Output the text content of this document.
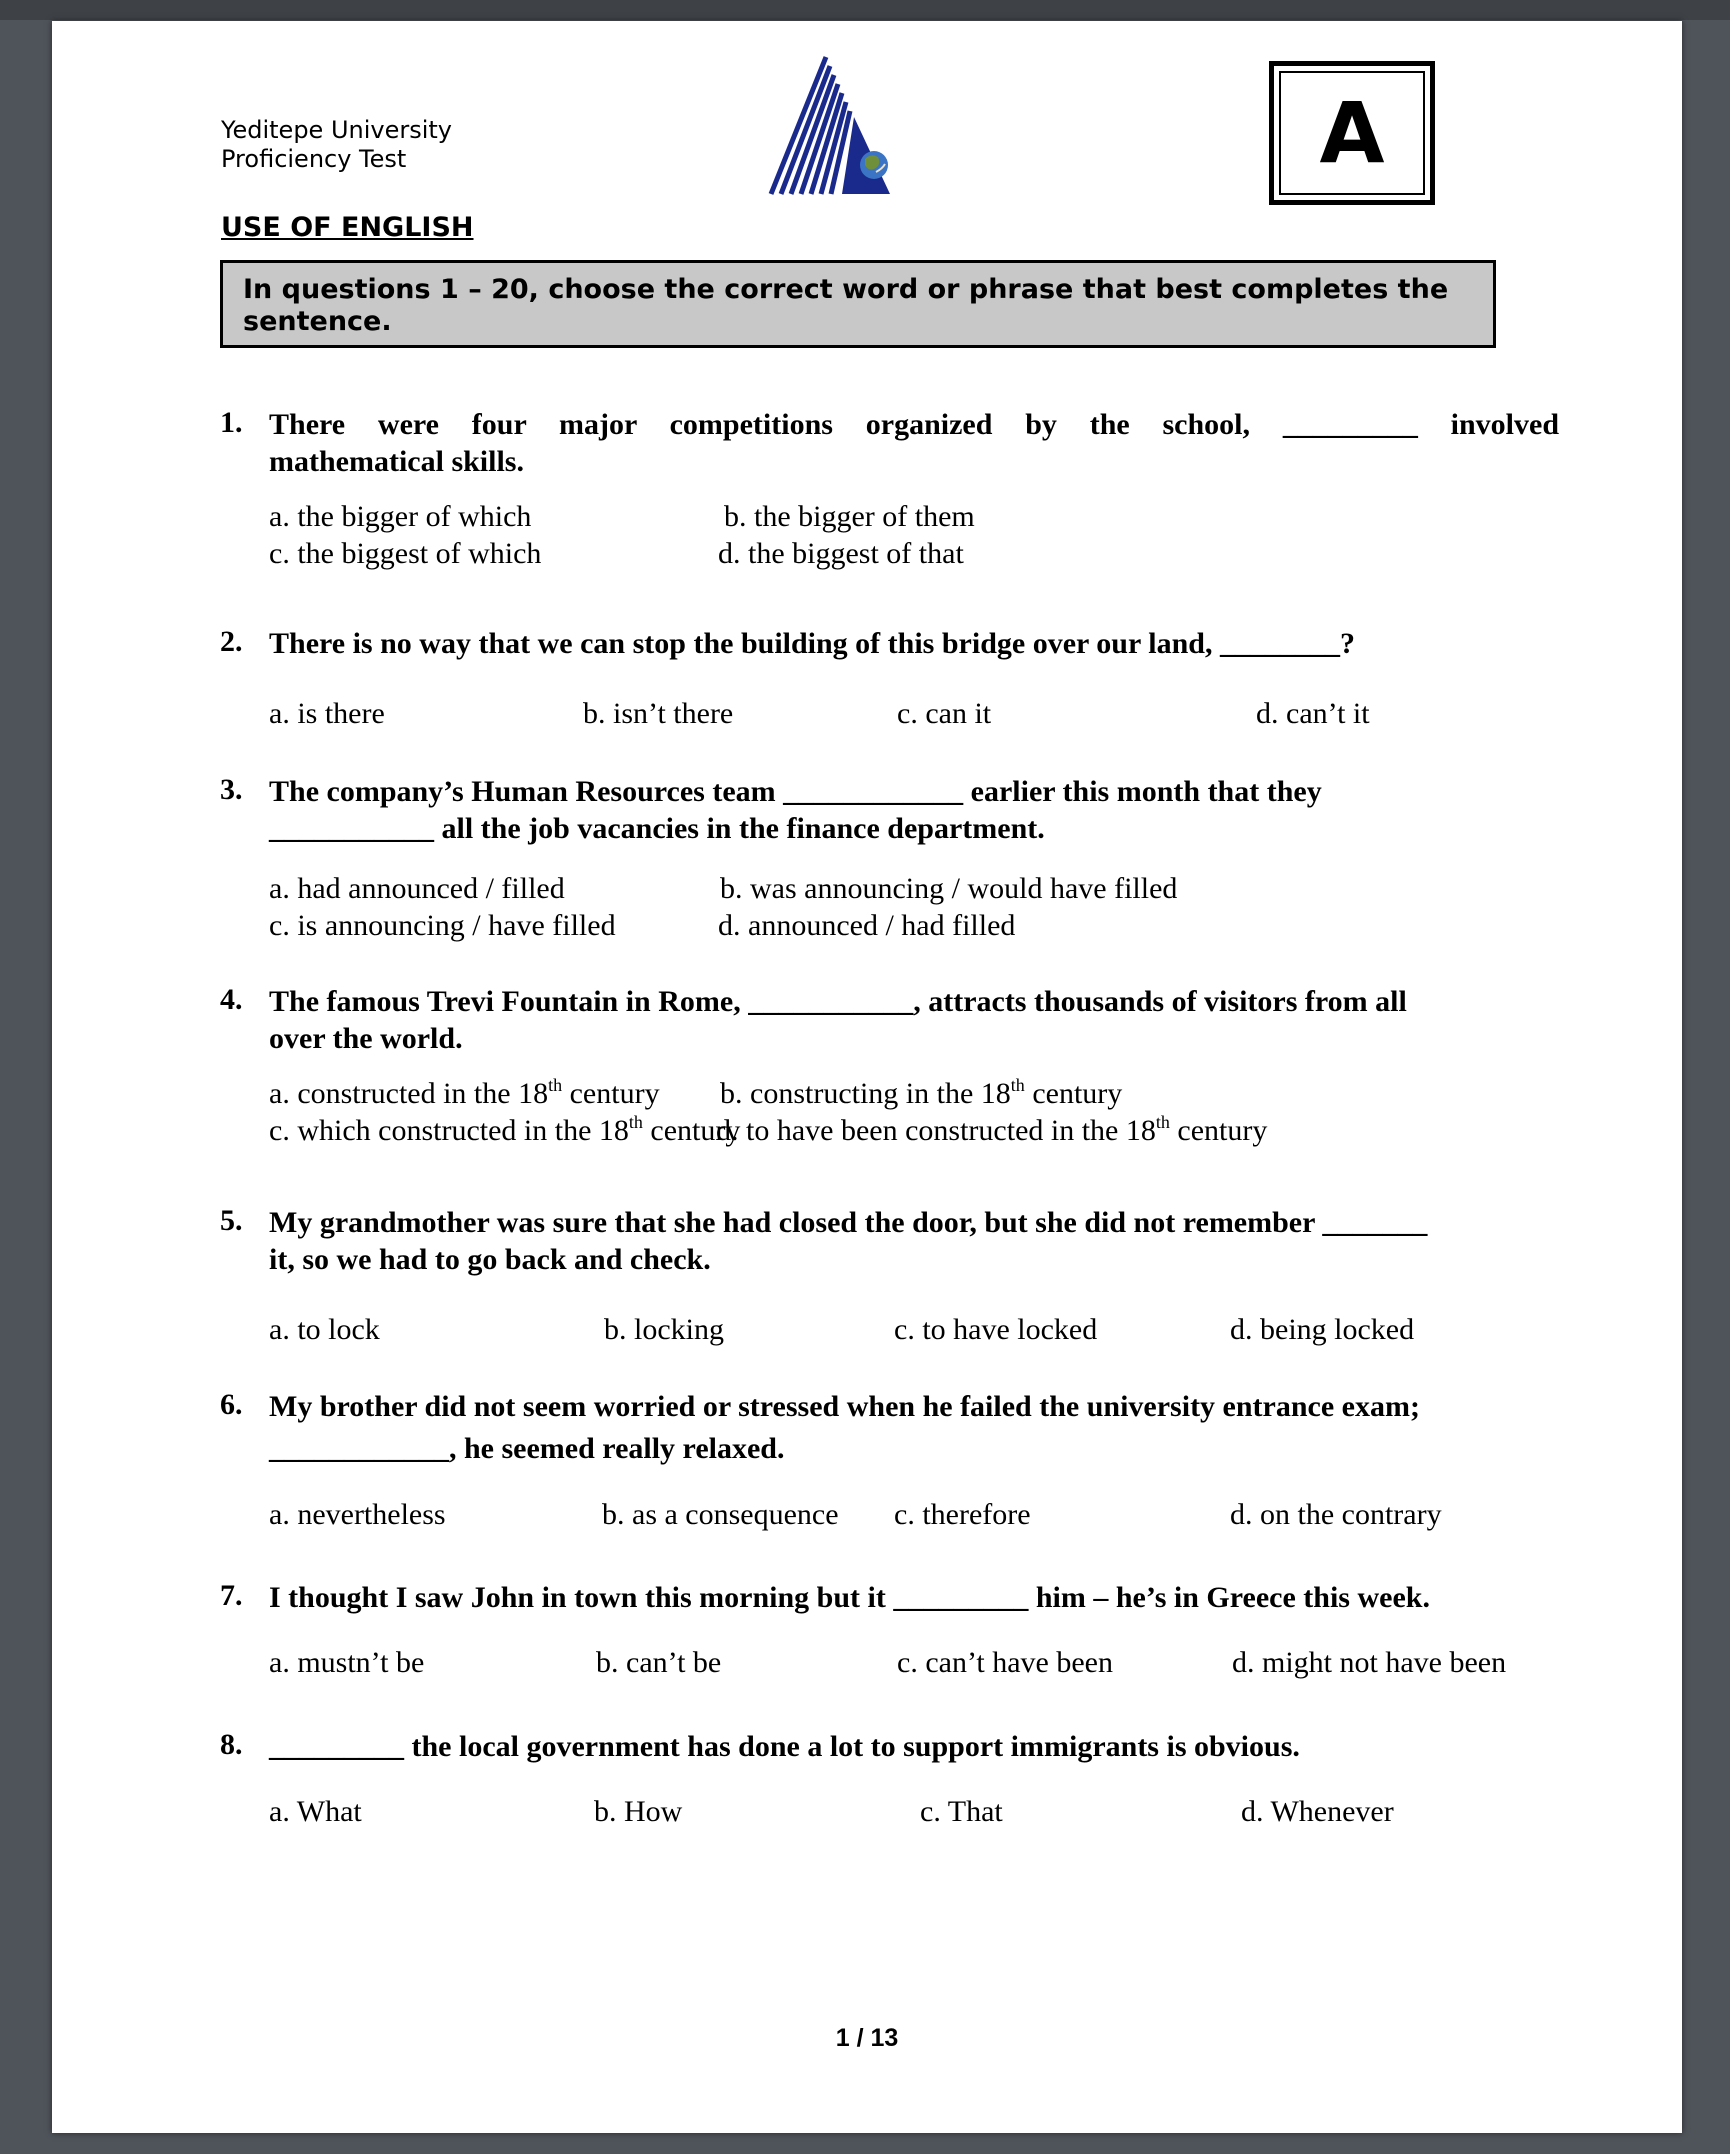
Yeditepe University
Proficiency Test	A
USE OF ENGLISH
In questions 1 – 20, choose the correct word or phrase that best completes the sentence.
1. There were four major competitions organized by the school, _________ involved
mathematical skills.
a. the bigger of which	b. the bigger of them
c. the biggest of which	d. the biggest of that
2. There is no way that we can stop the building of this bridge over our land, ________?
a. is there	b. isn’t there	c. can it	d. can’t it
3. The company’s Human Resources team ____________ earlier this month that they
___________ all the job vacancies in the finance department.
a. had announced / filled	b. was announcing / would have filled
c. is announcing / have filled	d. announced / had filled
4. The famous Trevi Fountain in Rome, ___________, attracts thousands of visitors from all
over the world.
a. constructed in the 18th century b. constructing in the 18th century
c. which constructed in the 18th century
d. to have been constructed in the 18th century
5. My grandmother was sure that she had closed the door, but she did not remember _______
it, so we had to go back and check.
a. to lock	b. locking	c. to have locked	d. being locked
6. My brother did not seem worried or stressed when he failed the university entrance exam;
____________, he seemed really relaxed.
a. nevertheless	b. as a consequence c. therefore	d. on the contrary
7. I thought I saw John in town this morning but it _________ him – he’s in Greece this week.
a. mustn’t be	b. can’t be	c. can’t have been	d. might not have been
8. _________ the local government has done a lot to support immigrants is obvious.
a. What	b. How	c. That	d. Whenever
1 / 13
